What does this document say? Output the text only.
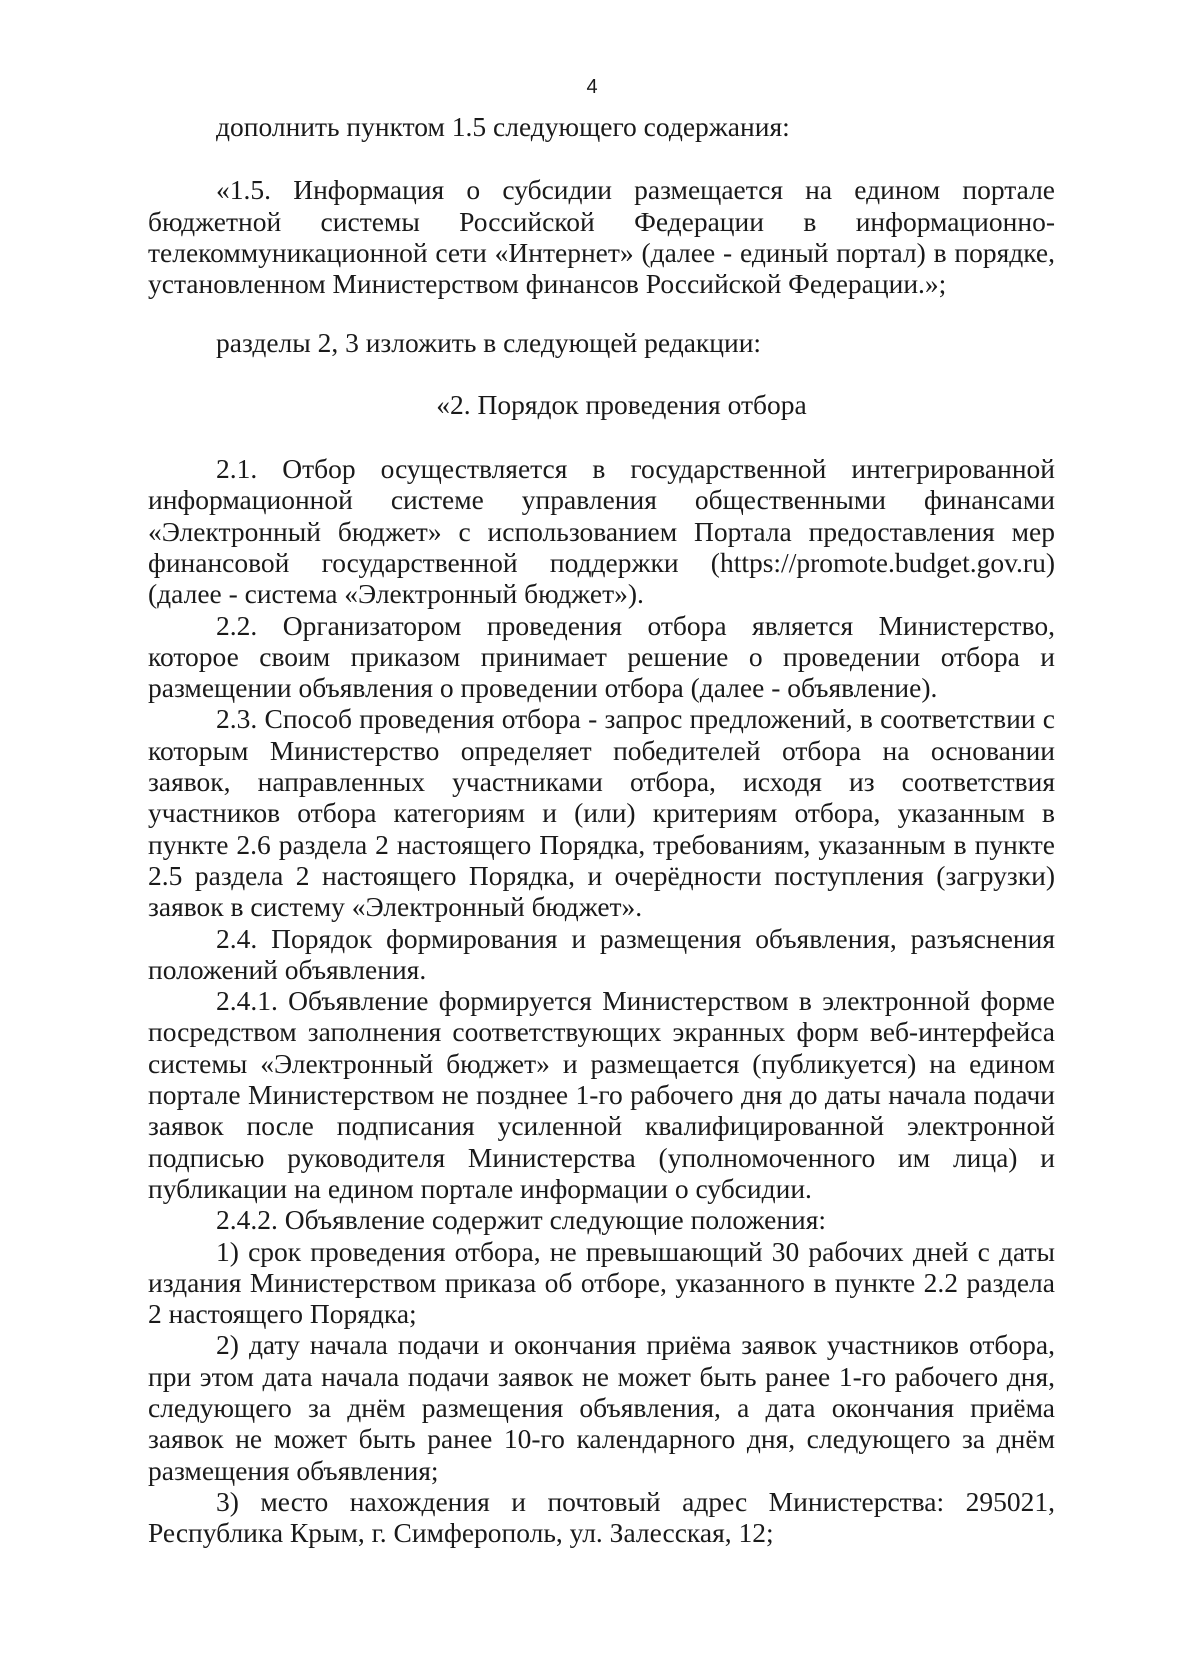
4

дополнить пунктом 1.5 следующего содержания:

«1.5. Информация о субсидии размещается на едином портале бюджетной системы Российской Федерации в информационно-телекоммуникационной сети «Интернет» (далее - единый портал) в порядке, установленном Министерством финансов Российской Федерации.»;

разделы 2, 3 изложить в следующей редакции:

«2. Порядок проведения отбора

2.1. Отбор осуществляется в государственной интегрированной информационной системе управления общественными финансами «Электронный бюджет» с использованием Портала предоставления мер финансовой государственной поддержки (https://promote.budget.gov.ru) (далее - система «Электронный бюджет»).

2.2. Организатором проведения отбора является Министерство, которое своим приказом принимает решение о проведении отбора и размещении объявления о проведении отбора (далее - объявление).

2.3. Способ проведения отбора - запрос предложений, в соответствии с которым Министерство определяет победителей отбора на основании заявок, направленных участниками отбора, исходя из соответствия участников отбора категориям и (или) критериям отбора, указанным в пункте 2.6 раздела 2 настоящего Порядка, требованиям, указанным в пункте 2.5 раздела 2 настоящего Порядка, и очерёдности поступления (загрузки) заявок в систему «Электронный бюджет».

2.4. Порядок формирования и размещения объявления, разъяснения положений объявления.

2.4.1. Объявление формируется Министерством в электронной форме посредством заполнения соответствующих экранных форм веб-интерфейса системы «Электронный бюджет» и размещается (публикуется) на едином портале Министерством не позднее 1-го рабочего дня до даты начала подачи заявок после подписания усиленной квалифицированной электронной подписью руководителя Министерства (уполномоченного им лица) и публикации на едином портале информации о субсидии.

2.4.2. Объявление содержит следующие положения:

1) срок проведения отбора, не превышающий 30 рабочих дней с даты издания Министерством приказа об отборе, указанного в пункте 2.2 раздела 2 настоящего Порядка;

2) дату начала подачи и окончания приёма заявок участников отбора, при этом дата начала подачи заявок не может быть ранее 1-го рабочего дня, следующего за днём размещения объявления, а дата окончания приёма заявок не может быть ранее 10-го календарного дня, следующего за днём размещения объявления;

3) место нахождения и почтовый адрес Министерства: 295021, Республика Крым, г. Симферополь, ул. Залесская, 12;
